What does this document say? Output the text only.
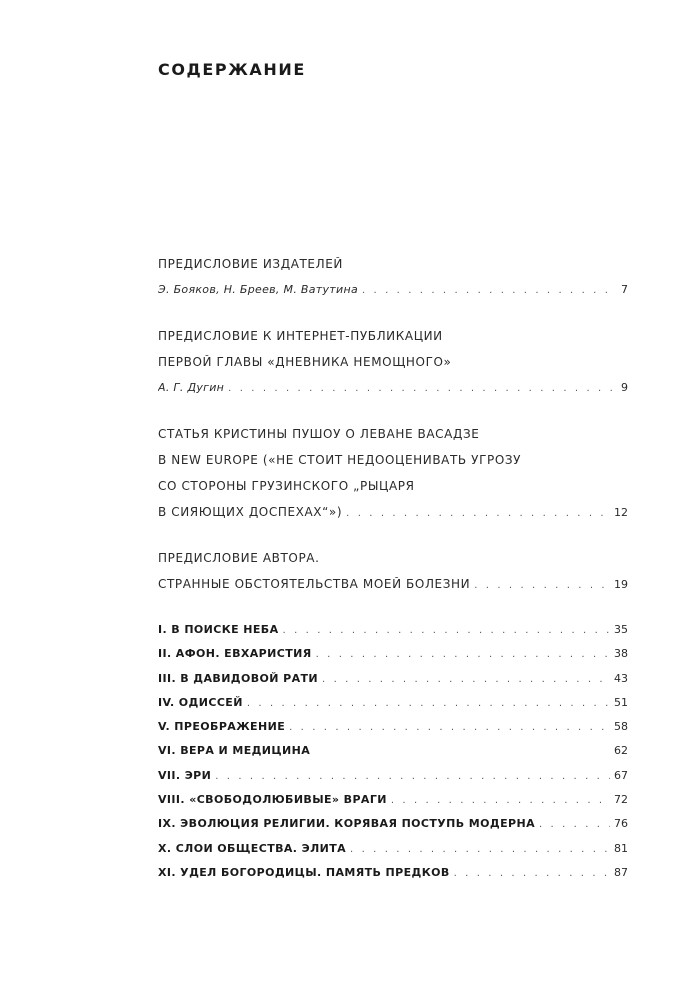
СОДЕРЖАНИЕ
ПРЕДИСЛОВИЕ ИЗДАТЕЛЕЙ
Э. Бояков, Н. Бреев, М. Ватутина . . .	7
ПРЕДИСЛОВИЕ К ИНТЕРНЕТ-ПУБЛИКАЦИИ
ПЕРВОЙ ГЛАВЫ «ДНЕВНИКА НЕМОЩНОГО»
А. Г. Дугин . . .	9
СТАТЬЯ КРИСТИНЫ ПУШОУ О ЛЕВАНЕ ВАСАДЗЕ
В NEW EUROPE («НЕ СТОИТ НЕДООЦЕНИВАТЬ УГРОЗУ
СО СТОРОНЫ ГРУЗИНСКОГО „РЫЦАРЯ
В СИЯЮЩИХ ДОСПЕХАХ“») . . .	12
ПРЕДИСЛОВИЕ АВТОРА.
СТРАННЫЕ ОБСТОЯТЕЛЬСТВА МОЕЙ БОЛЕЗНИ . . .	19
I. В ПОИСКЕ НЕБА . . .	35
II. АФОН. ЕВХАРИСТИЯ . . .	38
III. В ДАВИДОВОЙ РАТИ . . .	43
IV. ОДИССЕЙ . . .	51
V. ПРЕОБРАЖЕНИЕ . . .	58
VI. ВЕРА И МЕДИЦИНА	62
VII. ЭРИ . . .	67
VIII. «СВОБОДОЛЮБИВЫЕ» ВРАГИ . . .	72
IX. ЭВОЛЮЦИЯ РЕЛИГИИ. КОРЯВАЯ ПОСТУПЬ МОДЕРНА . . .	76
X. СЛОИ ОБЩЕСТВА. ЭЛИТА . . .	81
XI. УДЕЛ БОГОРОДИЦЫ. ПАМЯТЬ ПРЕДКОВ . . .	87
